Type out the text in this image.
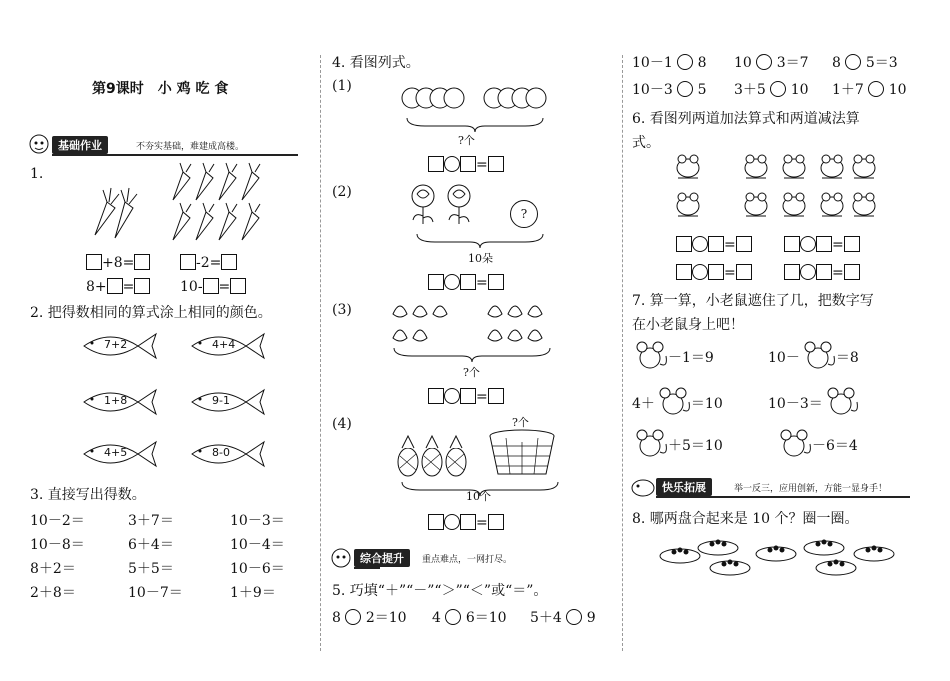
第9课时　小 鸡 吃 食
基础作业	不夯实基础，难建成高楼。
1.
+8=	-2=
8+ =	10- =
2. 把得数相同的算式涂上相同的颜色。
7+2	4+4
1+8	9-1
4+5	8-0
3. 直接写出得数。
10－2＝	3＋7＝	10－3＝
10－8＝	6＋4＝	10－4＝
8＋2＝	5＋5＝	10－6＝
2＋8＝	10－7＝	1＋9＝
4. 看图列式。
(1)
?个
=
(2)
?
10朵
=
(3)
?个
=
(4)	?个
10个
=
综合提升	重点难点，一网打尽。
5. 巧填“＋”“－”“＞”“＜”或“＝”。
8 2＝10 4 6＝10 5＋4 9
10－1 8 10 3＝7 8 5＝3
10－3 5 3＋5 10 1＋7 10
6. 看图列两道加法算式和两道减法算
式。
=	=
=	=
7. 算一算，小老鼠遮住了几，把数字写
在小老鼠身上吧！
－1＝9	10－	＝8
4＋	＝10	10－3＝
＋5＝10	－6＝4
快乐拓展	举一反三，应用创新，方能一显身手！
8. 哪两盘合起来是 10 个？圈一圈。
